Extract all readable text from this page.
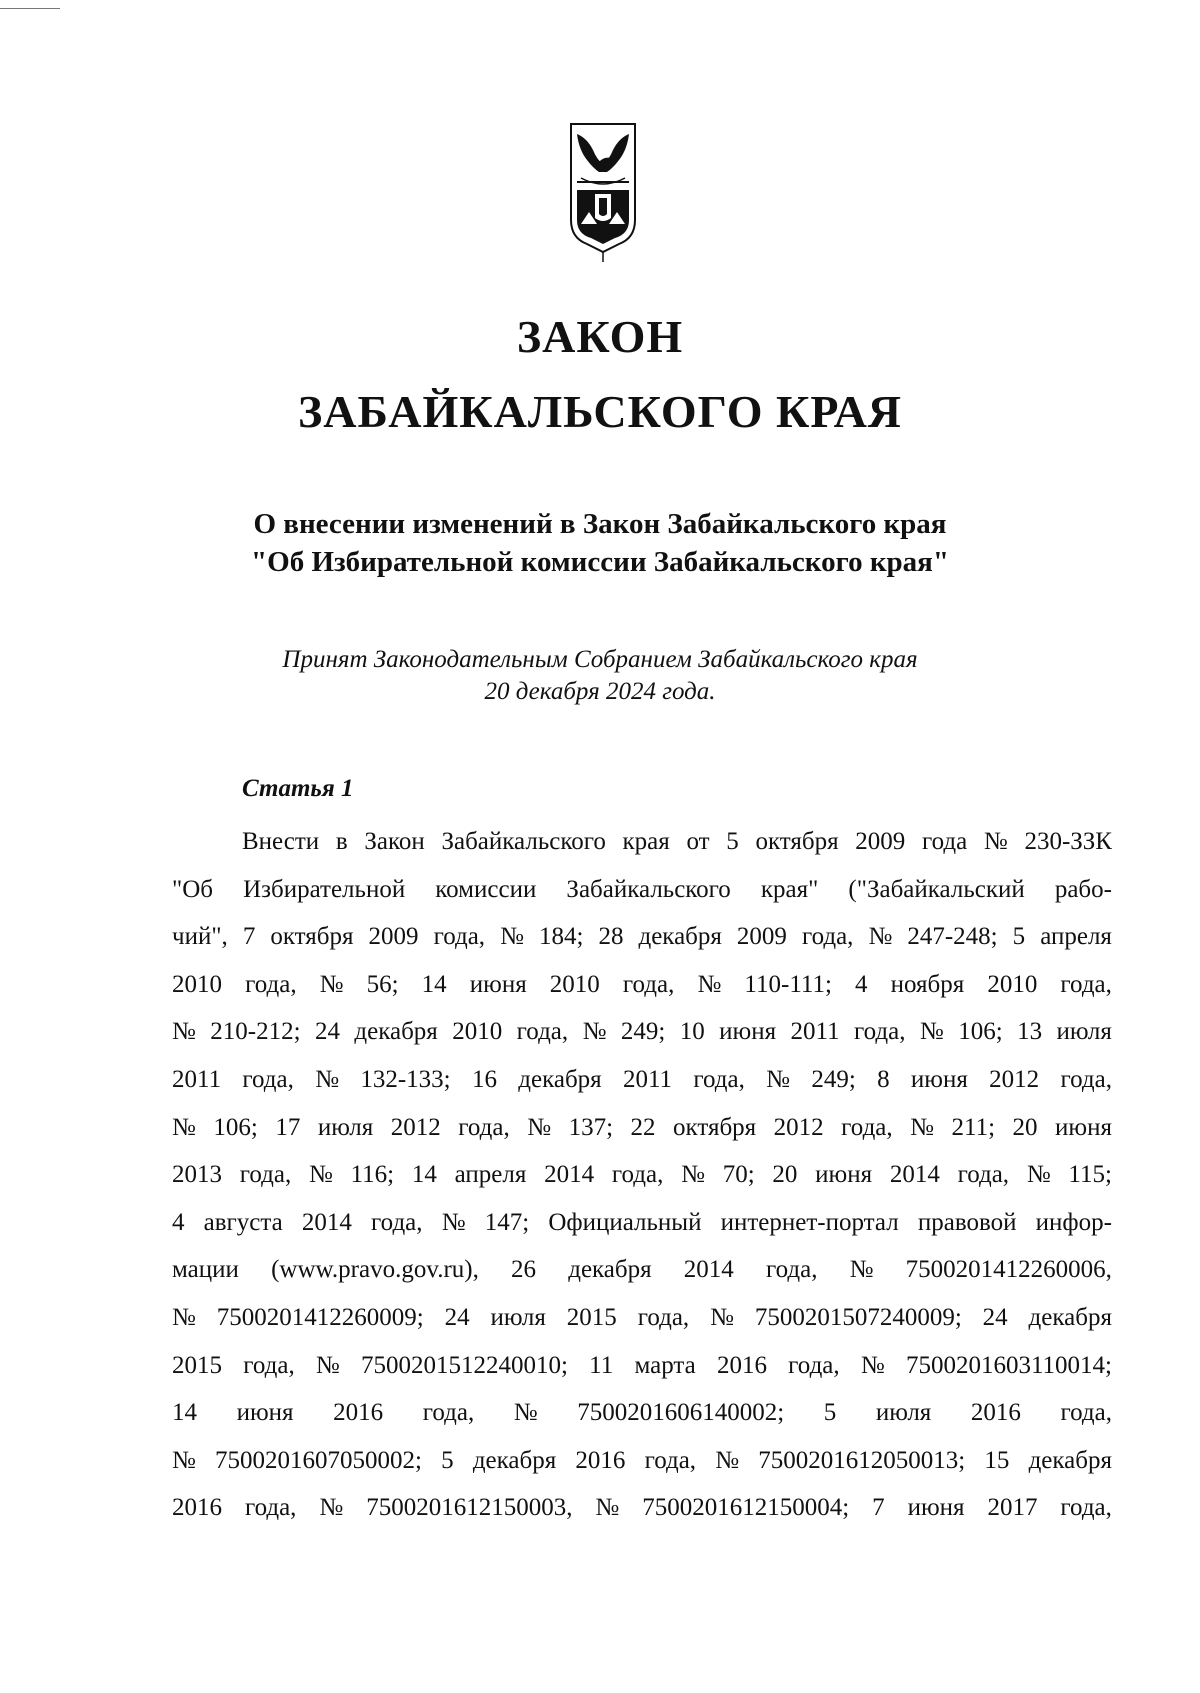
ЗАКОН
ЗАБАЙКАЛЬСКОГО КРАЯ
О внесении изменений в Закон Забайкальского края
"Об Избирательной комиссии Забайкальского края"
Принят Законодательным Собранием Забайкальского края
20 декабря 2024 года.
Статья 1
Внести в Закон Забайкальского края от 5 октября 2009 года № 230-ЗЗК
"Об Избирательной комиссии Забайкальского края" ("Забайкальский рабо-
чий", 7 октября 2009 года, № 184; 28 декабря 2009 года, № 247-248; 5 апреля
2010 года, № 56; 14 июня 2010 года, № 110-111; 4 ноября 2010 года,
№ 210-212; 24 декабря 2010 года, № 249; 10 июня 2011 года, № 106; 13 июля
2011 года, № 132-133; 16 декабря 2011 года, № 249; 8 июня 2012 года,
№ 106; 17 июля 2012 года, № 137; 22 октября 2012 года, № 211; 20 июня
2013 года, № 116; 14 апреля 2014 года, № 70; 20 июня 2014 года, № 115;
4 августа 2014 года, № 147; Официальный интернет-портал правовой инфор-
мации (www.pravo.gov.ru), 26 декабря 2014 года, № 7500201412260006,
№ 7500201412260009; 24 июля 2015 года, № 7500201507240009; 24 декабря
2015 года, № 7500201512240010; 11 марта 2016 года, № 7500201603110014;
14 июня 2016 года, № 7500201606140002; 5 июля 2016 года,
№ 7500201607050002; 5 декабря 2016 года, № 7500201612050013; 15 декабря
2016 года, № 7500201612150003, № 7500201612150004; 7 июня 2017 года,
